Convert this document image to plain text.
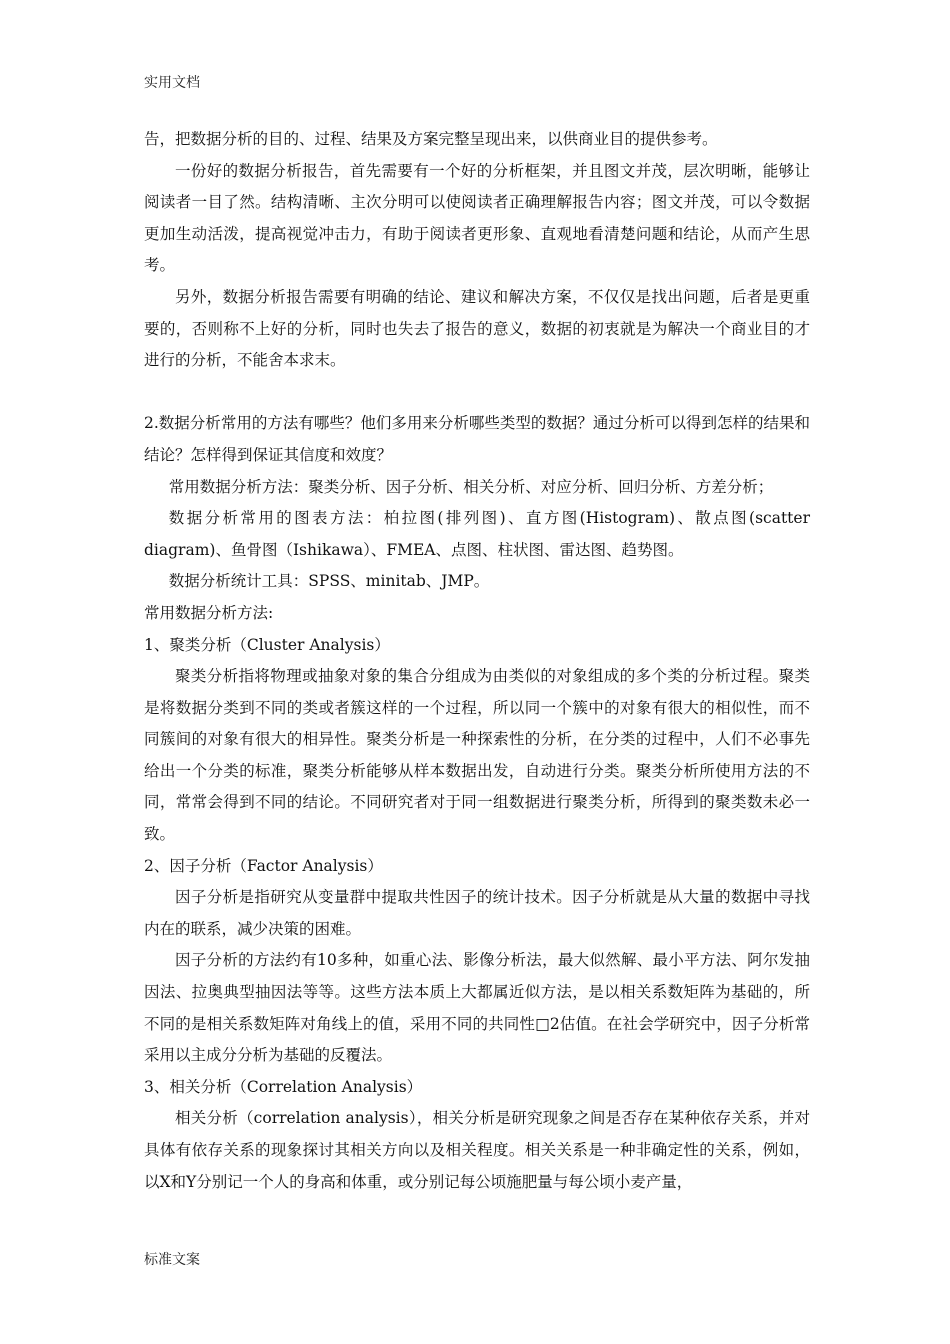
实用文档

告，把数据分析的目的、过程、结果及方案完整呈现出来，以供商业目的提供参考。

一份好的数据分析报告，首先需要有一个好的分析框架，并且图文并茂，层次明晰，能够让阅读者一目了然。结构清晰、主次分明可以使阅读者正确理解报告内容；图文并茂，可以令数据更加生动活泼，提高视觉冲击力，有助于阅读者更形象、直观地看清楚问题和结论，从而产生思考。

另外，数据分析报告需要有明确的结论、建议和解决方案，不仅仅是找出问题，后者是更重要的，否则称不上好的分析，同时也失去了报告的意义，数据的初衷就是为解决一个商业目的才进行的分析，不能舍本求末。

2.数据分析常用的方法有哪些？他们多用来分析哪些类型的数据？通过分析可以得到怎样的结果和结论？怎样得到保证其信度和效度？

常用数据分析方法：聚类分析、因子分析、相关分析、对应分析、回归分析、方差分析；

数据分析常用的图表方法：柏拉图(排列图)、直方图(Histogram)、散点图(scatter diagram)、鱼骨图（Ishikawa）、FMEA、点图、柱状图、雷达图、趋势图。

数据分析统计工具：SPSS、minitab、JMP。

常用数据分析方法:

1、聚类分析（Cluster Analysis）

聚类分析指将物理或抽象对象的集合分组成为由类似的对象组成的多个类的分析过程。聚类是将数据分类到不同的类或者簇这样的一个过程，所以同一个簇中的对象有很大的相似性，而不同簇间的对象有很大的相异性。聚类分析是一种探索性的分析，在分类的过程中，人们不必事先给出一个分类的标准，聚类分析能够从样本数据出发，自动进行分类。聚类分析所使用方法的不同，常常会得到不同的结论。不同研究者对于同一组数据进行聚类分析，所得到的聚类数未必一致。

2、因子分析（Factor Analysis）

因子分析是指研究从变量群中提取共性因子的统计技术。因子分析就是从大量的数据中寻找内在的联系，减少决策的困难。

因子分析的方法约有10多种，如重心法、影像分析法，最大似然解、最小平方法、阿尔发抽因法、拉奥典型抽因法等等。这些方法本质上大都属近似方法，是以相关系数矩阵为基础的，所不同的是相关系数矩阵对角线上的值，采用不同的共同性□2估值。在社会学研究中，因子分析常采用以主成分分析为基础的反覆法。

3、相关分析（Correlation Analysis）

相关分析（correlation analysis），相关分析是研究现象之间是否存在某种依存关系，并对具体有依存关系的现象探讨其相关方向以及相关程度。相关关系是一种非确定性的关系，例如，以X和Y分别记一个人的身高和体重，或分别记每公顷施肥量与每公顷小麦产量，

标准文案
